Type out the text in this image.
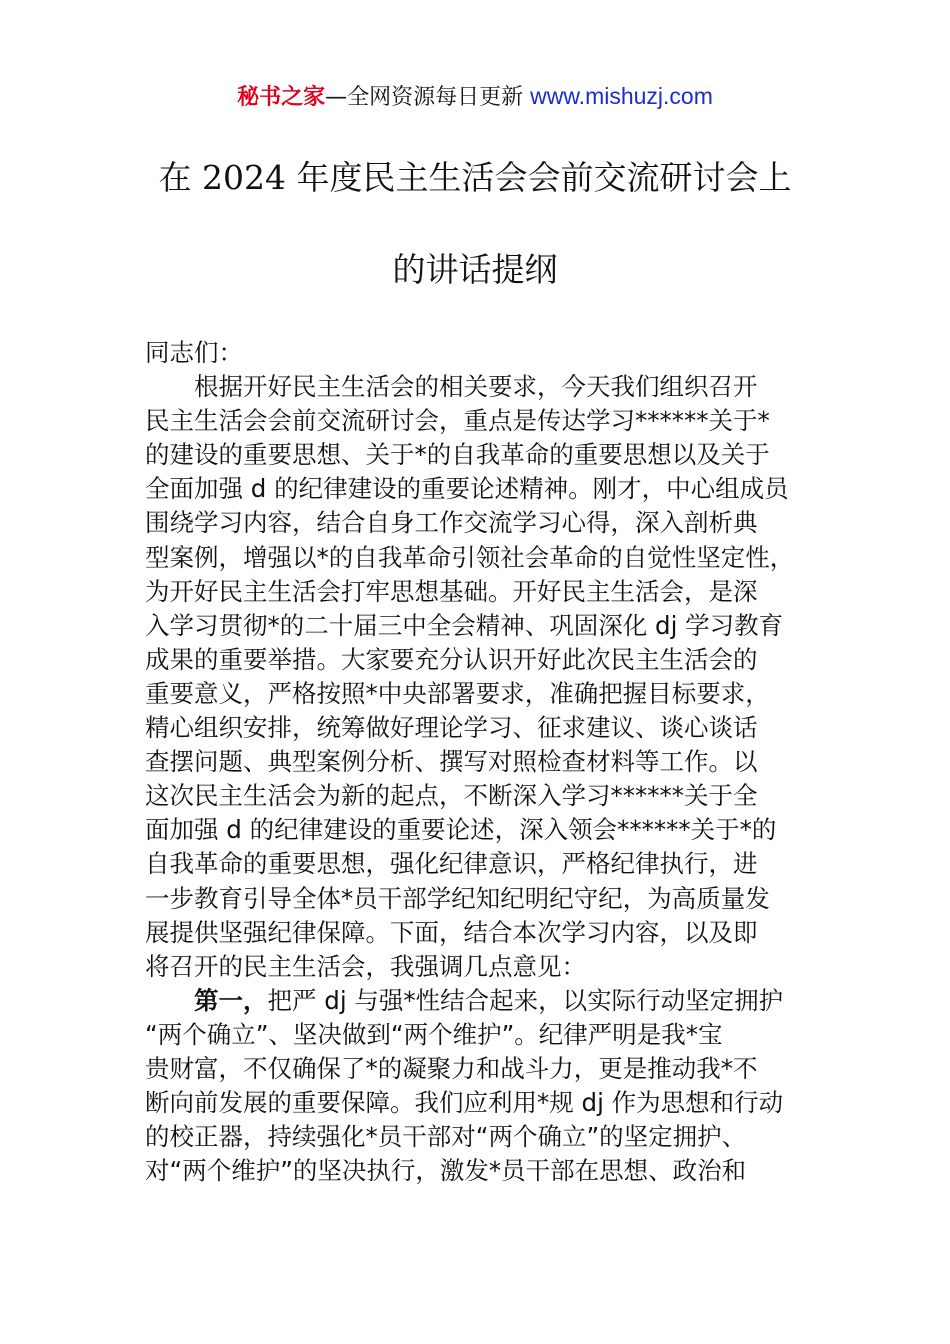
秘书之家—全网资源每日更新 www.mishuzj.com
在 2024 年度民主生活会会前交流研讨会上
的讲话提纲
同志们：
根据开好民主生活会的相关要求，今天我们组织召开
民主生活会会前交流研讨会，重点是传达学习******关于*
的建设的重要思想、关于*的自我革命的重要思想以及关于
全面加强 d 的纪律建设的重要论述精神。刚才，中心组成员
围绕学习内容，结合自身工作交流学习心得，深入剖析典
型案例，增强以*的自我革命引领社会革命的自觉性坚定性，
为开好民主生活会打牢思想基础。开好民主生活会，是深
入学习贯彻*的二十届三中全会精神、巩固深化 dj 学习教育
成果的重要举措。大家要充分认识开好此次民主生活会的
重要意义，严格按照*中央部署要求，准确把握目标要求，
精心组织安排，统筹做好理论学习、征求建议、谈心谈话
查摆问题、典型案例分析、撰写对照检查材料等工作。以
这次民主生活会为新的起点，不断深入学习******关于全
面加强 d 的纪律建设的重要论述，深入领会******关于*的
自我革命的重要思想，强化纪律意识，严格纪律执行，进
一步教育引导全体*员干部学纪知纪明纪守纪，为高质量发
展提供坚强纪律保障。下面，结合本次学习内容，以及即
将召开的民主生活会，我强调几点意见：
第一，把严 dj 与强*性结合起来，以实际行动坚定拥护
“两个确立”、坚决做到“两个维护”。纪律严明是我*宝
贵财富，不仅确保了*的凝聚力和战斗力，更是推动我*不
断向前发展的重要保障。我们应利用*规 dj 作为思想和行动
的校正器，持续强化*员干部对“两个确立”的坚定拥护、
对“两个维护”的坚决执行，激发*员干部在思想、政治和
